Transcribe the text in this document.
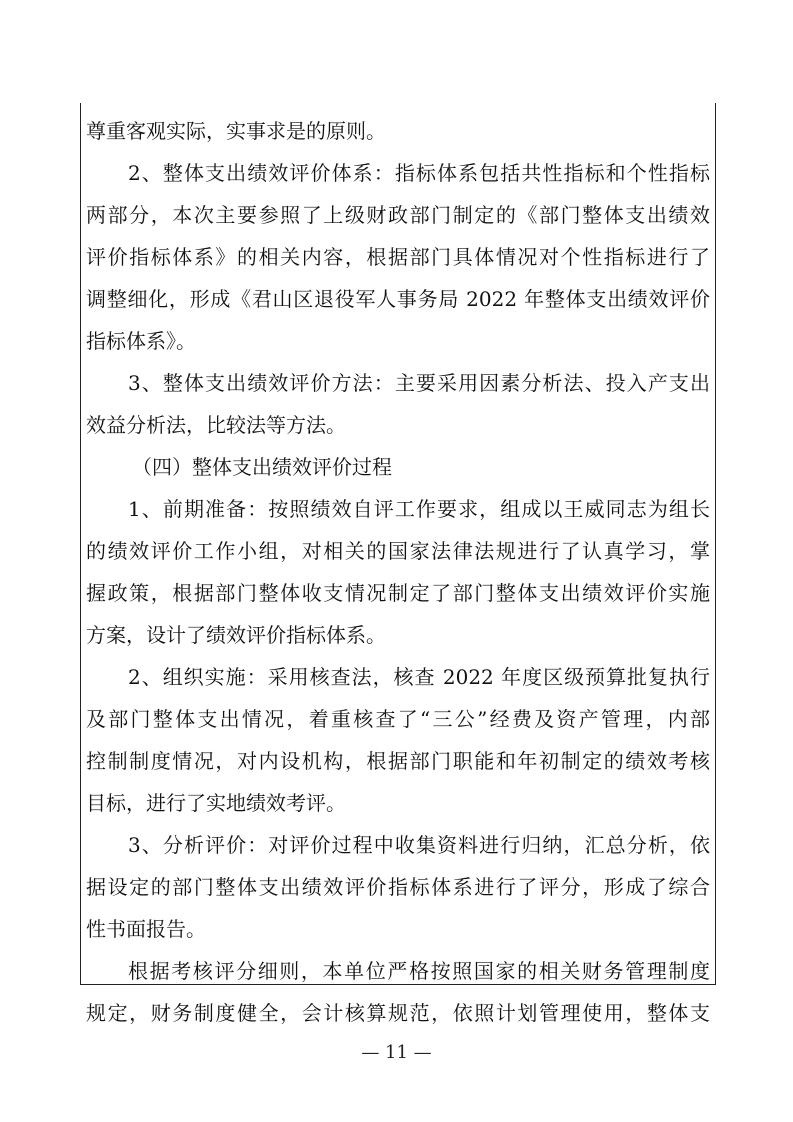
尊重客观实际，实事求是的原则。
2、整体支出绩效评价体系：指标体系包括共性指标和个性指标
两部分，本次主要参照了上级财政部门制定的《部门整体支出绩效
评价指标体系》的相关内容，根据部门具体情况对个性指标进行了
调整细化，形成《君山区退役军人事务局 2022 年整体支出绩效评价
指标体系》。
3、整体支出绩效评价方法：主要采用因素分析法、投入产支出
效益分析法，比较法等方法。
（四）整体支出绩效评价过程
1、前期准备：按照绩效自评工作要求，组成以王威同志为组长
的绩效评价工作小组，对相关的国家法律法规进行了认真学习，掌
握政策，根据部门整体收支情况制定了部门整体支出绩效评价实施
方案，设计了绩效评价指标体系。
2、组织实施：采用核查法，核查 2022 年度区级预算批复执行
及部门整体支出情况，着重核查了“三公”经费及资产管理，内部
控制制度情况，对内设机构，根据部门职能和年初制定的绩效考核
目标，进行了实地绩效考评。
3、分析评价：对评价过程中收集资料进行归纳，汇总分析，依
据设定的部门整体支出绩效评价指标体系进行了评分，形成了综合
性书面报告。
根据考核评分细则，本单位严格按照国家的相关财务管理制度
规定，财务制度健全，会计核算规范，依照计划管理使用，整体支
— 11 —
